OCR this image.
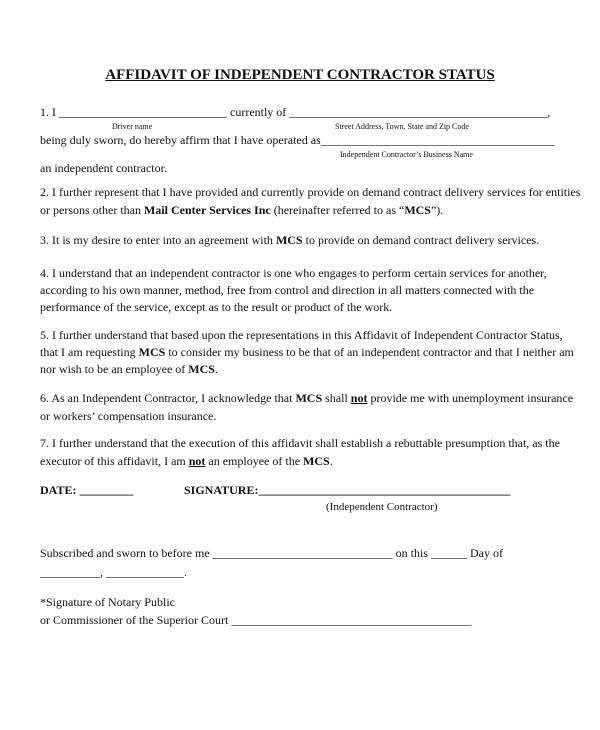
AFFIDAVIT OF INDEPENDENT CONTRACTOR STATUS
1. I ____________________________ currently of ___________________________________________,
Driver name	Street Address, Town, State and Zip Code
being duly sworn, do hereby affirm that I have operated as_______________________________________
Independent Contractor’s Business Name
an independent contractor.
2. I further represent that I have provided and currently provide on demand contract delivery services for entities
or persons other than Mail Center Services Inc (hereinafter referred to as “MCS”).
3. It is my desire to enter into an agreement with MCS to provide on demand contract delivery services.
4. I understand that an independent contractor is one who engages to perform certain services for another,
according to his own manner, method, free from control and direction in all matters connected with the
performance of the service, except as to the result or product of the work.
5. I further understand that based upon the representations in this Affidavit of Independent Contractor Status,
that I am requesting MCS to consider my business to be that of an independent contractor and that I neither am
nor wish to be an employee of MCS.
6. As an Independent Contractor, I acknowledge that MCS shall not provide me with unemployment insurance
or workers’ compensation insurance.
7. I further understand that the execution of this affidavit shall establish a rebuttable presumption that, as the
executor of this affidavit, I am not an employee of the MCS.
DATE: _________	SIGNATURE:__________________________________________
(Independent Contractor)
Subscribed and sworn to before me ______________________________ on this ______ Day of
__________, _____________.
*Signature of Notary Public
or Commissioner of the Superior Court ________________________________________
